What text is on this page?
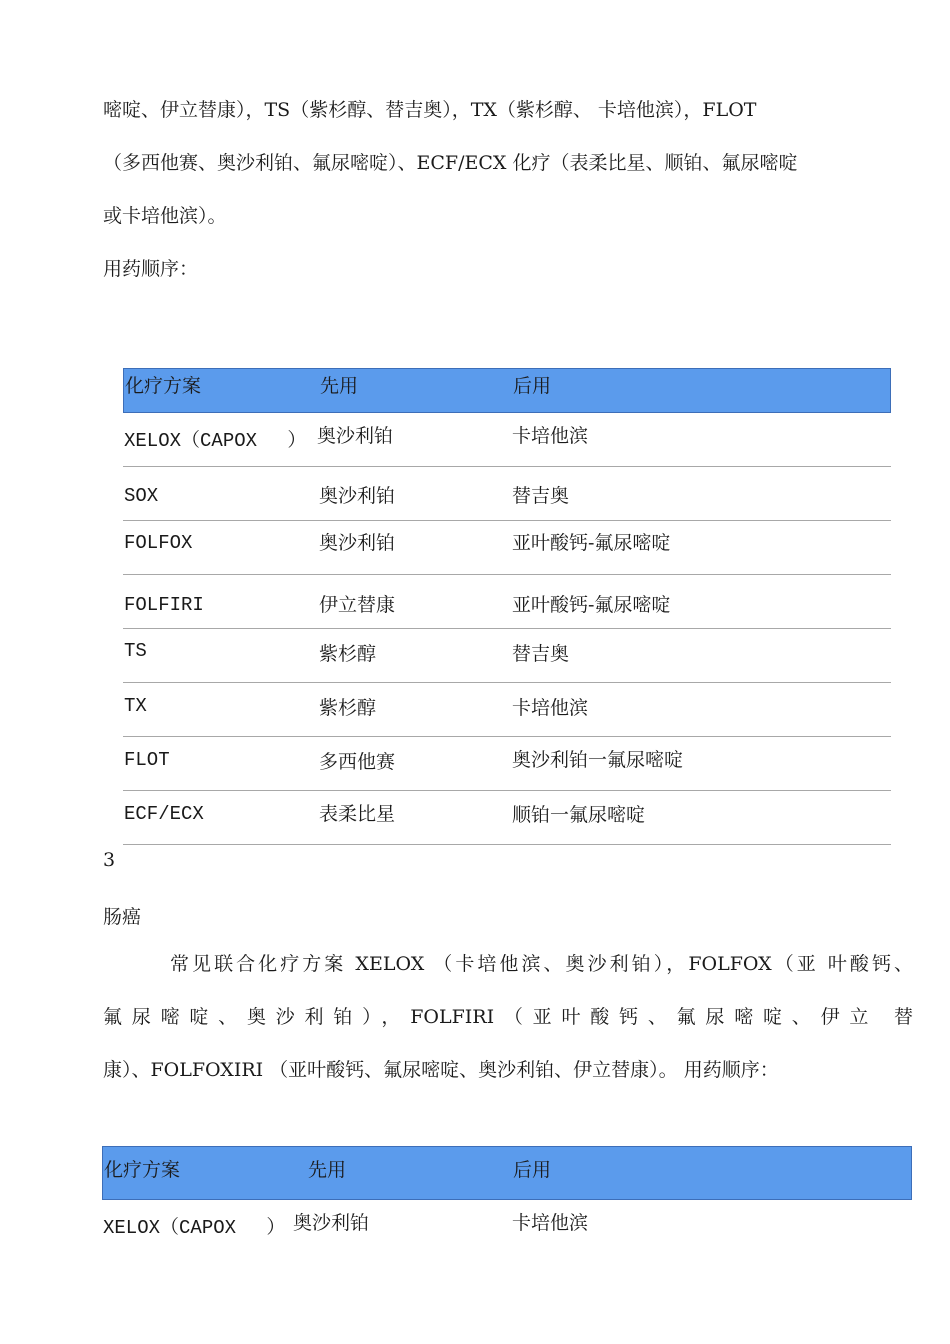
嘧啶、伊立替康），TS（紫杉醇、替吉奥），TX（紫杉醇、 卡培他滨），FLOT
（多西他赛、奥沙利铂、氟尿嘧啶）、ECF/ECX 化疗（表柔比星、顺铂、氟尿嘧啶
或卡培他滨）。
用药顺序：
化疗方案	先用	后用
XELOX（CAPOX　 ） 奥沙利铂	卡培他滨
SOX	奥沙利铂	替吉奥
FOLFOX	奥沙利铂	亚叶酸钙-氟尿嘧啶
FOLFIRI	伊立替康	亚叶酸钙-氟尿嘧啶
TS	紫杉醇	替吉奥
TX	紫杉醇	卡培他滨
FLOT	多西他赛	奥沙利铂一氟尿嘧啶
ECF/ECX	表柔比星	顺铂一氟尿嘧啶
3
肠癌
常见联合化疗方案 XELOX （卡培他滨、奥沙利铂），FOLFOX（亚 叶酸钙、
氟尿嘧啶、奥沙利铂），FOLFIRI（亚叶酸钙、氟尿嘧啶、伊立 替
康）、FOLFOXIRI （亚叶酸钙、氟尿嘧啶、奥沙利铂、伊立替康）。 用药顺序：
化疗方案	先用	后用
XELOX（CAPOX　 ） 奥沙利铂	卡培他滨
